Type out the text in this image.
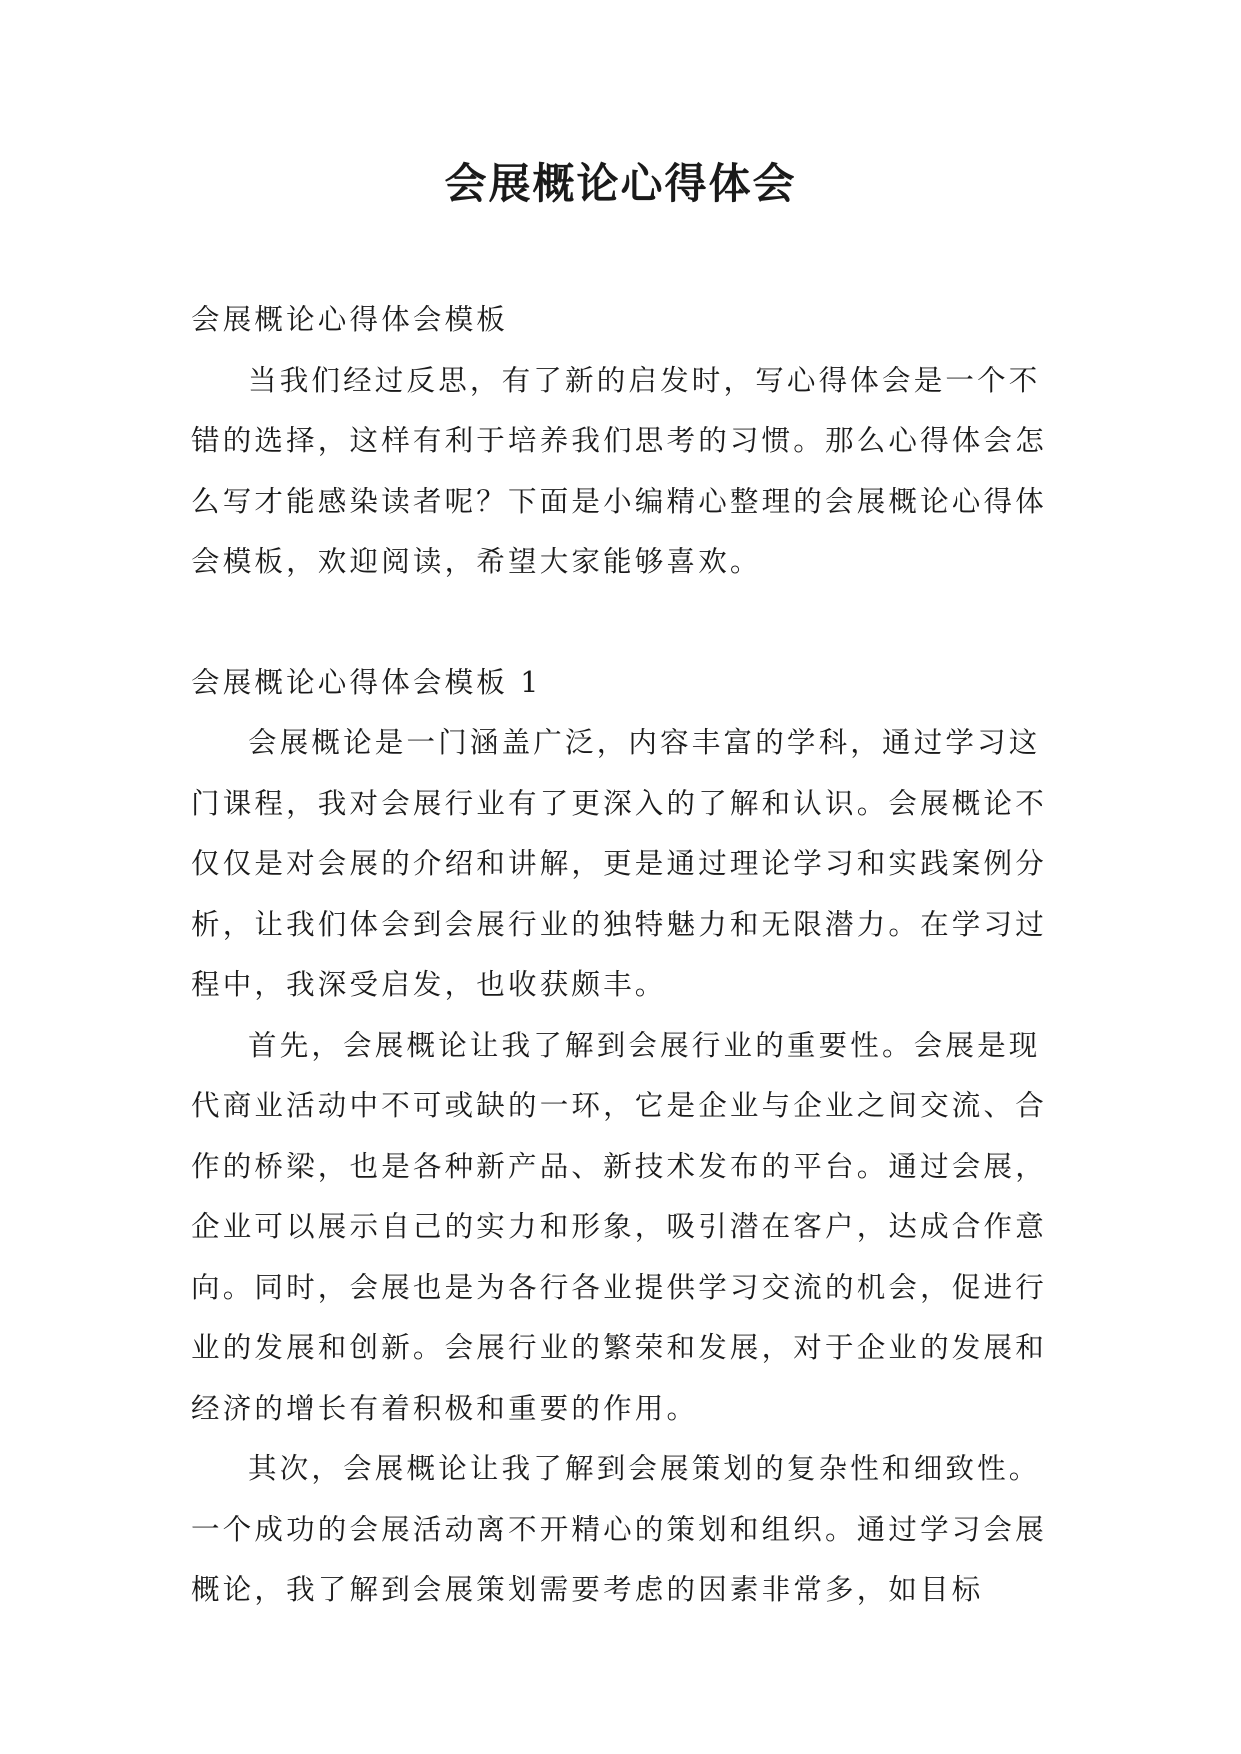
会展概论心得体会

会展概论心得体会模板

当我们经过反思，有了新的启发时，写心得体会是一个不错的选择，这样有利于培养我们思考的习惯。那么心得体会怎么写才能感染读者呢？下面是小编精心整理的会展概论心得体会模板，欢迎阅读，希望大家能够喜欢。

会展概论心得体会模板 1

会展概论是一门涵盖广泛，内容丰富的学科，通过学习这门课程，我对会展行业有了更深入的了解和认识。会展概论不仅仅是对会展的介绍和讲解，更是通过理论学习和实践案例分析，让我们体会到会展行业的独特魅力和无限潜力。在学习过程中，我深受启发，也收获颇丰。

首先，会展概论让我了解到会展行业的重要性。会展是现代商业活动中不可或缺的一环，它是企业与企业之间交流、合作的桥梁，也是各种新产品、新技术发布的平台。通过会展，企业可以展示自己的实力和形象，吸引潜在客户，达成合作意向。同时，会展也是为各行各业提供学习交流的机会，促进行业的发展和创新。会展行业的繁荣和发展，对于企业的发展和经济的增长有着积极和重要的作用。

其次，会展概论让我了解到会展策划的复杂性和细致性。一个成功的会展活动离不开精心的策划和组织。通过学习会展概论，我了解到会展策划需要考虑的因素非常多，如目标
